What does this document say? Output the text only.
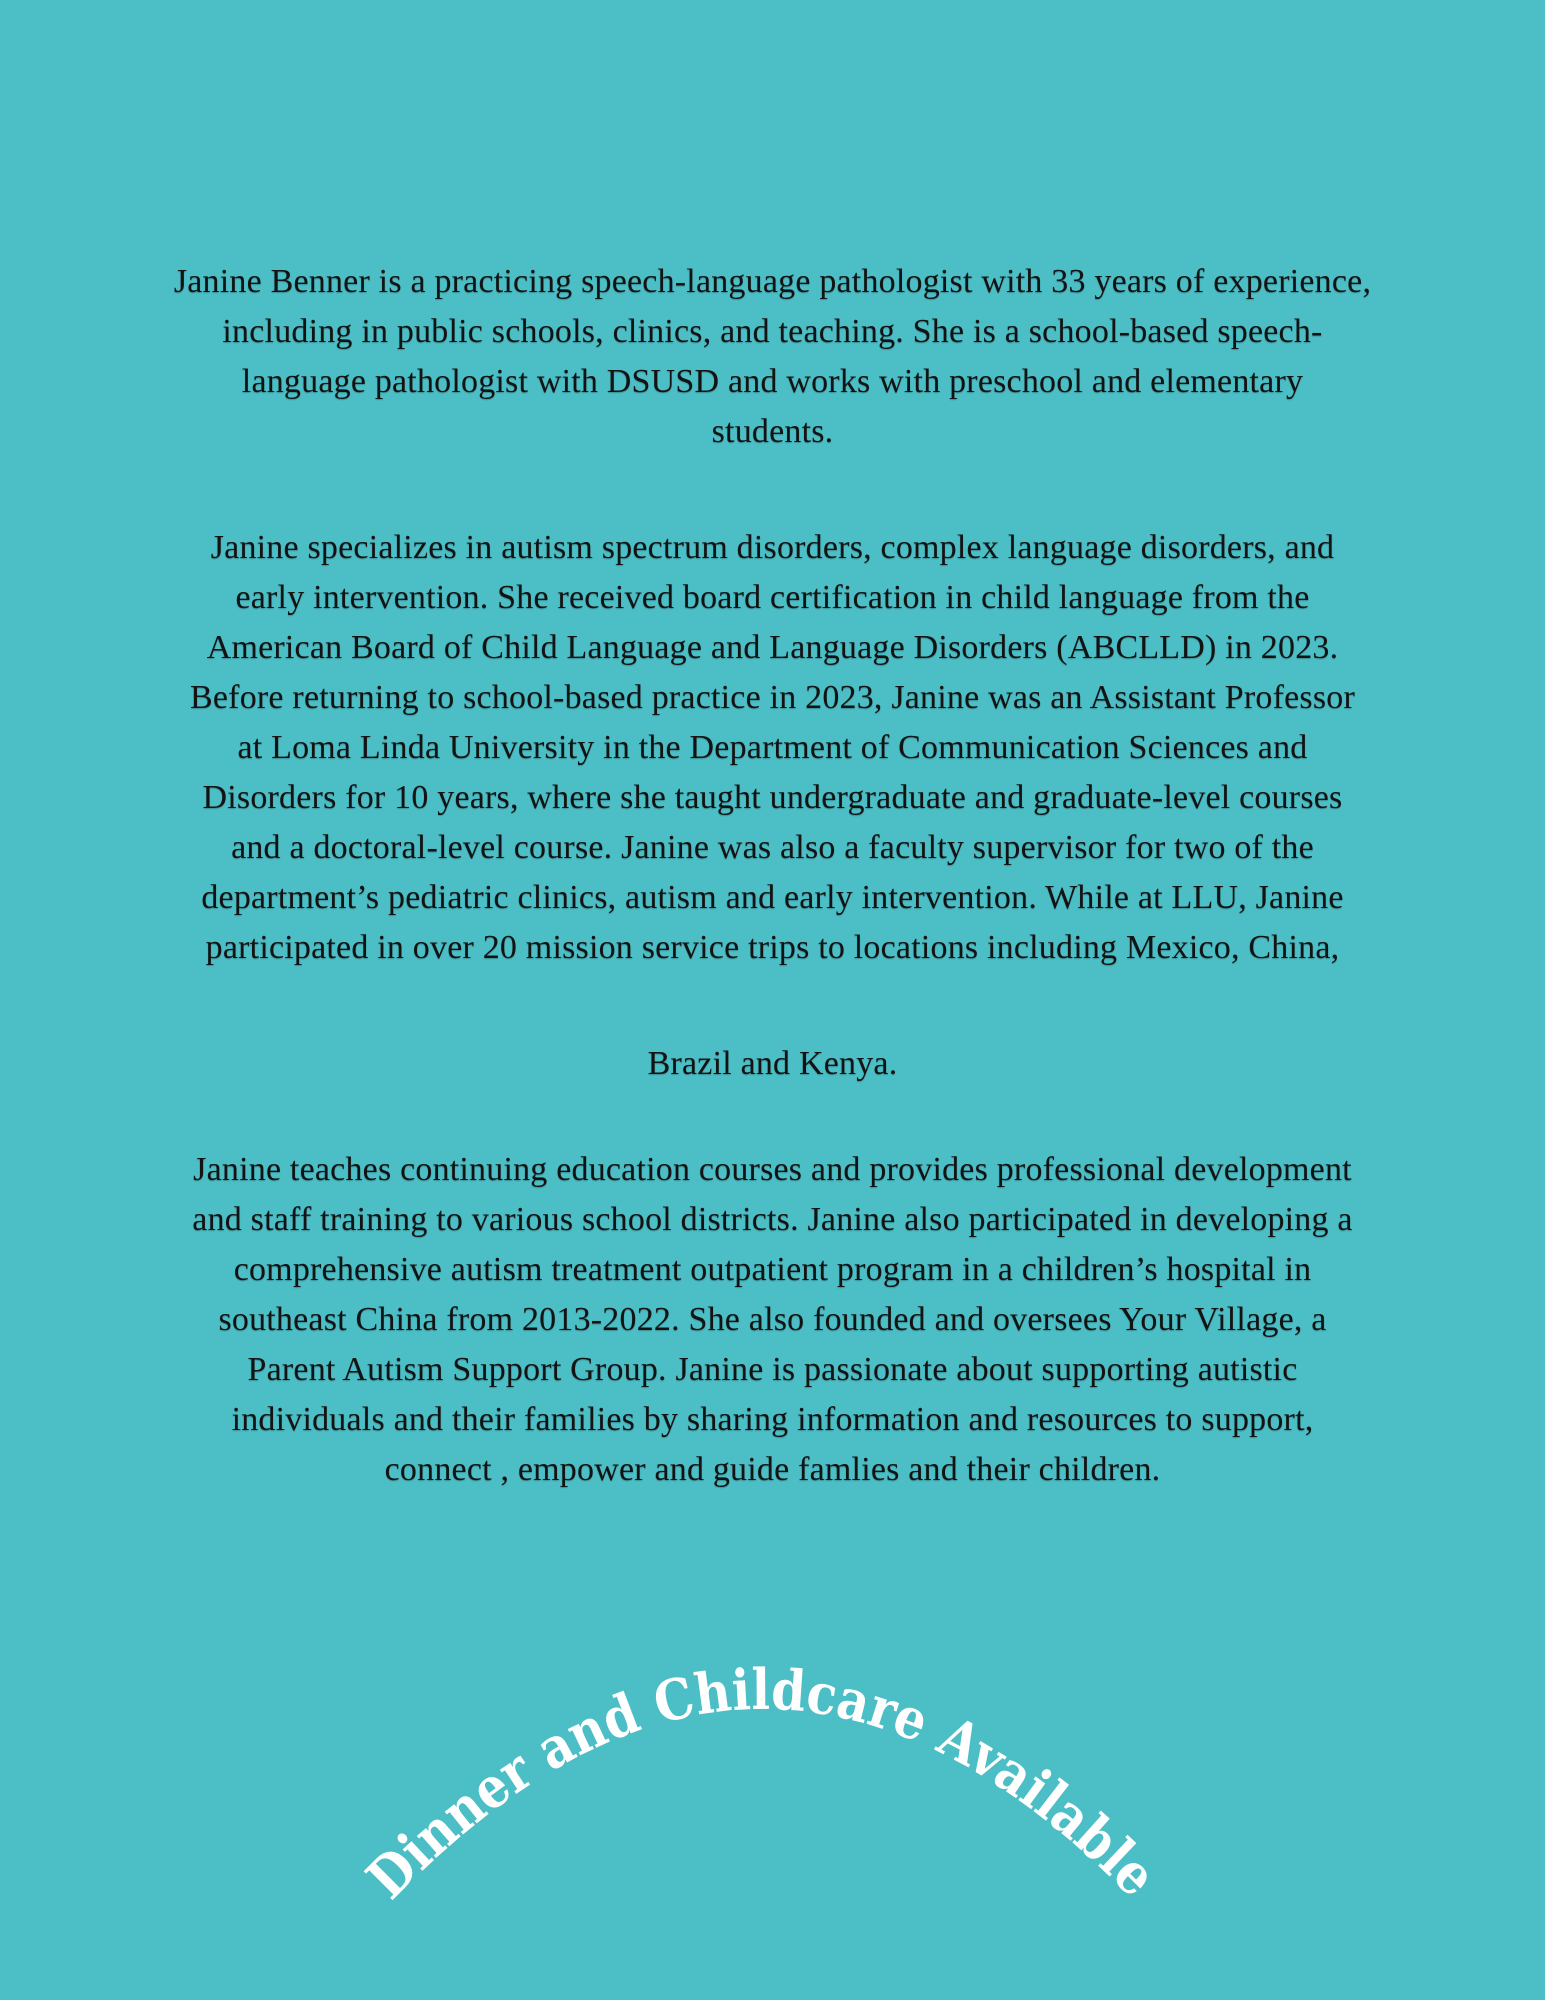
Janine Benner is a practicing speech-language pathologist with 33 years of experience,
including in public schools, clinics, and teaching. She is a school-based speech-
language pathologist with DSUSD and works with preschool and elementary
students.
Janine specializes in autism spectrum disorders, complex language disorders, and
early intervention. She received board certification in child language from the
American Board of Child Language and Language Disorders (ABCLLD) in 2023.
Before returning to school-based practice in 2023, Janine was an Assistant Professor
at Loma Linda University in the Department of Communication Sciences and
Disorders for 10 years, where she taught undergraduate and graduate-level courses
and a doctoral-level course. Janine was also a faculty supervisor for two of the
department’s pediatric clinics, autism and early intervention. While at LLU, Janine
participated in over 20 mission service trips to locations including Mexico, China,
Brazil and Kenya.
Janine teaches continuing education courses and provides professional development
and staff training to various school districts. Janine also participated in developing a
comprehensive autism treatment outpatient program in a children’s hospital in
southeast China from 2013-2022. She also founded and oversees Your Village, a
Parent Autism Support Group. Janine is passionate about supporting autistic
individuals and their families by sharing information and resources to support,
connect , empower and guide famlies and their children.
Dinner and Childcare Available
